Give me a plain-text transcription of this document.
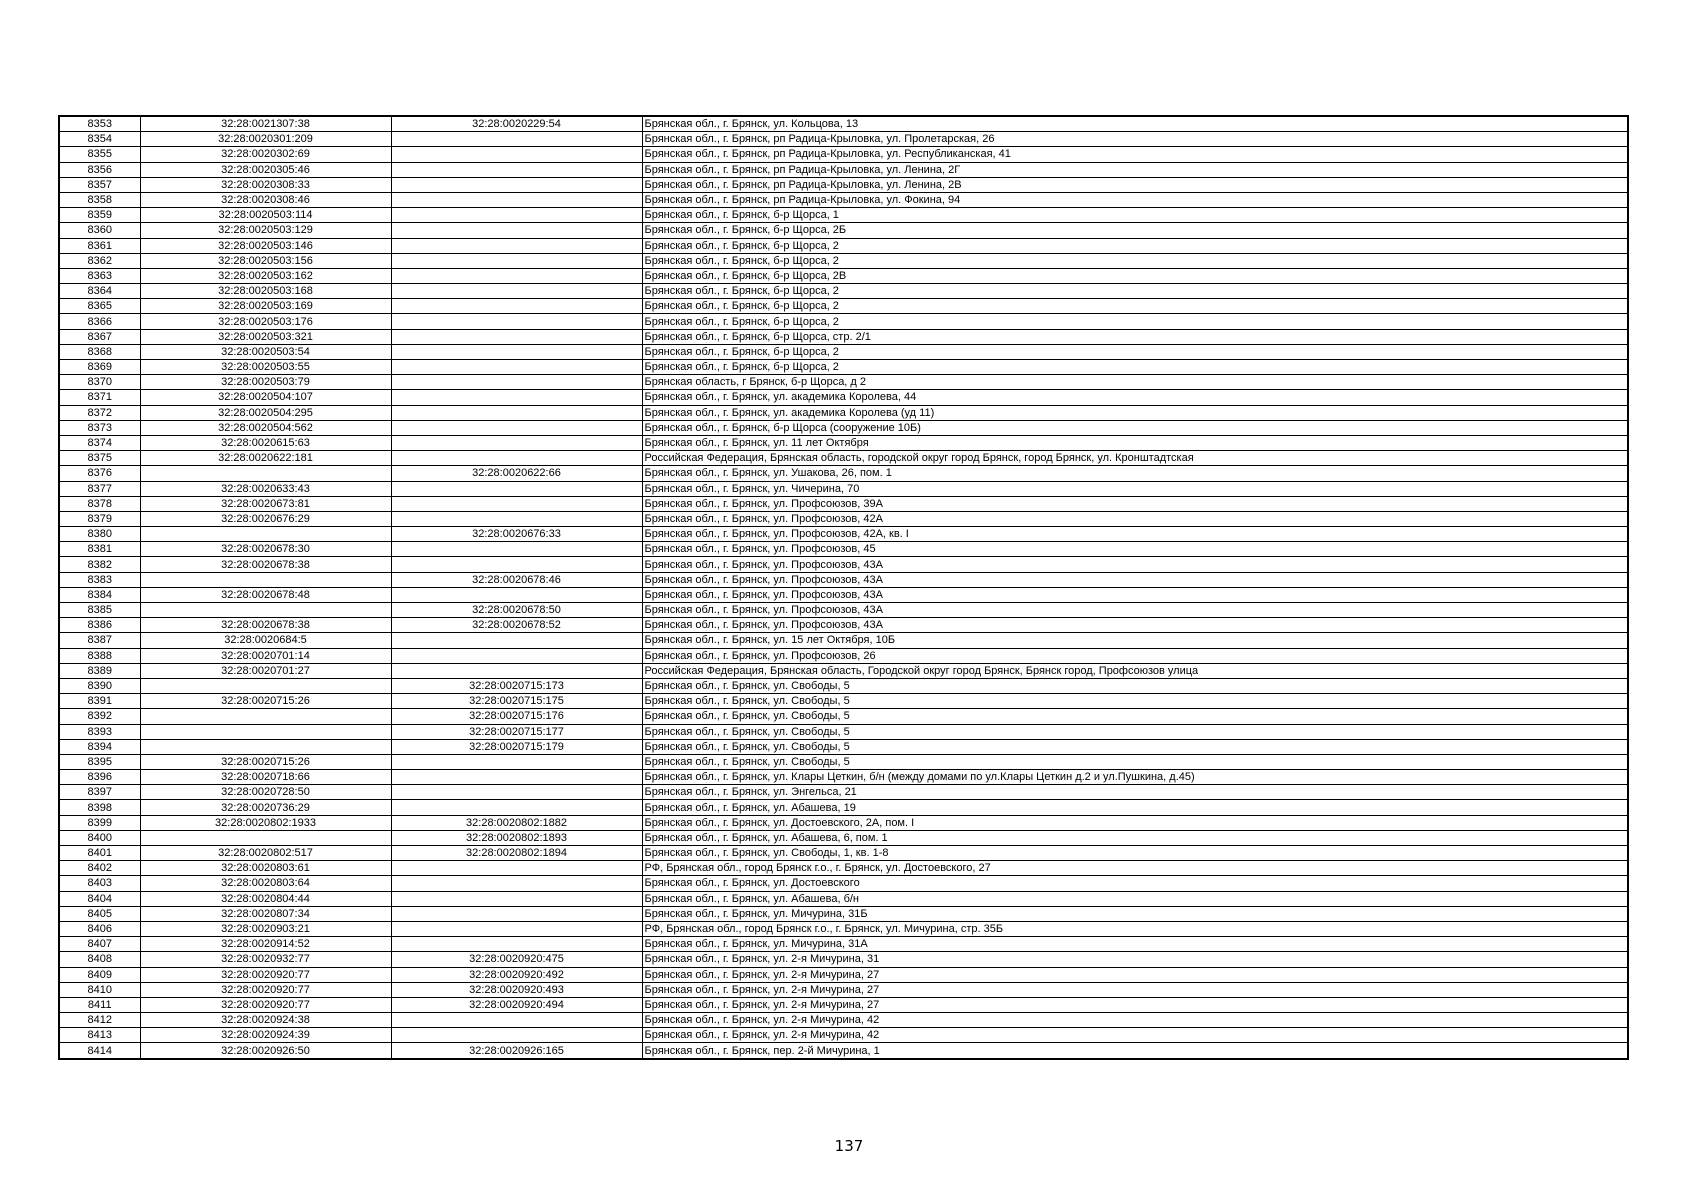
8353	32:28:0021307:38	32:28:0020229:54	Брянская обл., г. Брянск, ул. Кольцова, 13
8354	32:28:0020301:209		Брянская обл., г. Брянск, рп Радица-Крыловка, ул. Пролетарская, 26
8355	32:28:0020302:69		Брянская обл., г. Брянск, рп Радица-Крыловка, ул. Республиканская, 41
8356	32:28:0020305:46		Брянская обл., г. Брянск, рп Радица-Крыловка, ул. Ленина, 2Г
8357	32:28:0020308:33		Брянская обл., г. Брянск, рп Радица-Крыловка, ул. Ленина, 2В
8358	32:28:0020308:46		Брянская обл., г. Брянск, рп Радица-Крыловка, ул. Фокина, 94
8359	32:28:0020503:114		Брянская обл., г. Брянск, б-р Щорса, 1
8360	32:28:0020503:129		Брянская обл., г. Брянск, б-р Щорса, 2Б
8361	32:28:0020503:146		Брянская обл., г. Брянск, б-р Щорса, 2
8362	32:28:0020503:156		Брянская обл., г. Брянск, б-р Щорса, 2
8363	32:28:0020503:162		Брянская обл., г. Брянск, б-р Щорса, 2В
8364	32:28:0020503:168		Брянская обл., г. Брянск, б-р Щорса, 2
8365	32:28:0020503:169		Брянская обл., г. Брянск, б-р Щорса, 2
8366	32:28:0020503:176		Брянская обл., г. Брянск, б-р Щорса, 2
8367	32:28:0020503:321		Брянская обл., г. Брянск, б-р Щорса, стр. 2/1
8368	32:28:0020503:54		Брянская обл., г. Брянск, б-р Щорса, 2
8369	32:28:0020503:55		Брянская обл., г. Брянск, б-р Щорса, 2
8370	32:28:0020503:79		Брянская область, г Брянск, б-р Щорса, д 2
8371	32:28:0020504:107		Брянская обл., г. Брянск, ул. академика Королева, 44
8372	32:28:0020504:295		Брянская обл., г. Брянск, ул. академика Королева (уд 11)
8373	32:28:0020504:562		Брянская обл., г. Брянск, б-р Щорса (сооружение 10Б)
8374	32:28:0020615:63		Брянская обл., г. Брянск, ул. 11 лет Октября
8375	32:28:0020622:181		Российская Федерация, Брянская область, городской округ город Брянск, город Брянск, ул. Кронштадтская
8376		32:28:0020622:66	Брянская обл., г. Брянск, ул. Ушакова, 26, пом. 1
8377	32:28:0020633:43		Брянская обл., г. Брянск, ул. Чичерина, 70
8378	32:28:0020673:81		Брянская обл., г. Брянск, ул. Профсоюзов, 39А
8379	32:28:0020676:29		Брянская обл., г. Брянск, ул. Профсоюзов, 42А
8380		32:28:0020676:33	Брянская обл., г. Брянск, ул. Профсоюзов, 42А, кв. I
8381	32:28:0020678:30		Брянская обл., г. Брянск, ул. Профсоюзов, 45
8382	32:28:0020678:38		Брянская обл., г. Брянск, ул. Профсоюзов, 43А
8383		32:28:0020678:46	Брянская обл., г. Брянск, ул. Профсоюзов, 43А
8384	32:28:0020678:48		Брянская обл., г. Брянск, ул. Профсоюзов, 43А
8385		32:28:0020678:50	Брянская обл., г. Брянск, ул. Профсоюзов, 43А
8386	32:28:0020678:38	32:28:0020678:52	Брянская обл., г. Брянск, ул. Профсоюзов, 43А
8387	32:28:0020684:5		Брянская обл., г. Брянск, ул. 15 лет Октября, 10Б
8388	32:28:0020701:14		Брянская обл., г. Брянск, ул. Профсоюзов, 26
8389	32:28:0020701:27		Российская Федерация, Брянская область, Городской округ город Брянск, Брянск город, Профсоюзов улица
8390		32:28:0020715:173	Брянская обл., г. Брянск, ул. Свободы, 5
8391	32:28:0020715:26	32:28:0020715:175	Брянская обл., г. Брянск, ул. Свободы, 5
8392		32:28:0020715:176	Брянская обл., г. Брянск, ул. Свободы, 5
8393		32:28:0020715:177	Брянская обл., г. Брянск, ул. Свободы, 5
8394		32:28:0020715:179	Брянская обл., г. Брянск, ул. Свободы, 5
8395	32:28:0020715:26		Брянская обл., г. Брянск, ул. Свободы, 5
8396	32:28:0020718:66		Брянская обл., г. Брянск, ул. Клары Цеткин, б/н (между домами по ул.Клары Цеткин д.2 и ул.Пушкина, д.45)
8397	32:28:0020728:50		Брянская обл., г. Брянск, ул. Энгельса, 21
8398	32:28:0020736:29		Брянская обл., г. Брянск, ул. Абашева, 19
8399	32:28:0020802:1933	32:28:0020802:1882	Брянская обл., г. Брянск, ул. Достоевского, 2А, пом. I
8400		32:28:0020802:1893	Брянская обл., г. Брянск, ул. Абашева, 6, пом. 1
8401	32:28:0020802:517	32:28:0020802:1894	Брянская обл., г. Брянск, ул. Свободы, 1, кв. 1-8
8402	32:28:0020803:61		РФ, Брянская обл., город Брянск г.о., г. Брянск, ул. Достоевского, 27
8403	32:28:0020803:64		Брянская обл., г. Брянск, ул. Достоевского
8404	32:28:0020804:44		Брянская обл., г. Брянск, ул. Абашева, б/н
8405	32:28:0020807:34		Брянская обл., г. Брянск, ул. Мичурина, 31Б
8406	32:28:0020903:21		РФ, Брянская обл., город Брянск г.о., г. Брянск, ул. Мичурина, стр. 35Б
8407	32:28:0020914:52		Брянская обл., г. Брянск, ул. Мичурина, 31А
8408	32:28:0020932:77	32:28:0020920:475	Брянская обл., г. Брянск, ул. 2-я Мичурина, 31
8409	32:28:0020920:77	32:28:0020920:492	Брянская обл., г. Брянск, ул. 2-я Мичурина, 27
8410	32:28:0020920:77	32:28:0020920:493	Брянская обл., г. Брянск, ул. 2-я Мичурина, 27
8411	32:28:0020920:77	32:28:0020920:494	Брянская обл., г. Брянск, ул. 2-я Мичурина, 27
8412	32:28:0020924:38		Брянская обл., г. Брянск, ул. 2-я Мичурина, 42
8413	32:28:0020924:39		Брянская обл., г. Брянск, ул. 2-я Мичурина, 42
8414	32:28:0020926:50	32:28:0020926:165	Брянская обл., г. Брянск, пер. 2-й Мичурина, 1
137
